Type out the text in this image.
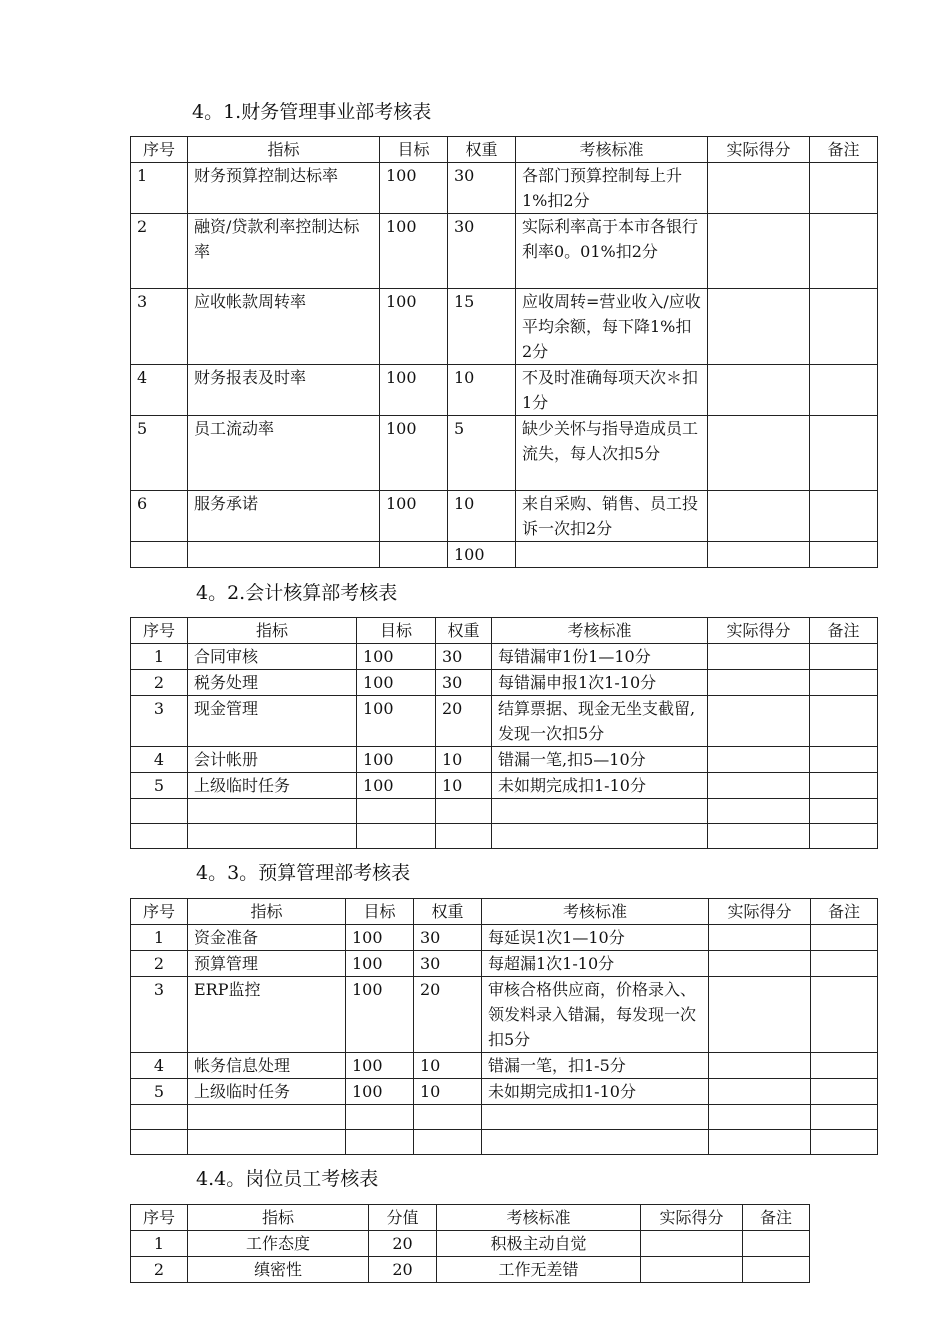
4。1.财务管理事业部考核表
序号	指标	目标	权重	考核标准	实际得分	备注
1	财务预算控制达标率	100	30	各部门预算控制每上升1%扣2分		
2	融资/贷款利率控制达标率	100	30	实际利率高于本市各银行利率0。01%扣2分		
3	应收帐款周转率	100	15	应收周转=营业收入/应收平均余额，每下降1%扣2分		
4	财务报表及时率	100	10	不及时准确每项天次＊扣1分		
5	员工流动率	100	5	缺少关怀与指导造成员工流失，每人次扣5分		
6	服务承诺	100	10	来自采购、销售、员工投诉一次扣2分		
			100			
4。2.会计核算部考核表
序号	指标	目标	权重	考核标准	实际得分	备注
1	合同审核	100	30	每错漏审1份1—10分		
2	税务处理	100	30	每错漏申报1次1-10分		
3	现金管理	100	20	结算票据、现金无坐支截留,发现一次扣5分		
4	会计帐册	100	10	错漏一笔,扣5—10分		
5	上级临时任务	100	10	未如期完成扣1-10分		

4。3。预算管理部考核表
序号	指标	目标	权重	考核标准	实际得分	备注
1	资金准备	100	30	每延误1次1—10分		
2	预算管理	100	30	每超漏1次1-10分		
3	ERP监控	100	20	审核合格供应商，价格录入、领发料录入错漏，每发现一次扣5分		
4	帐务信息处理	100	10	错漏一笔，扣1-5分		
5	上级临时任务	100	10	未如期完成扣1-10分		

4.4。岗位员工考核表
序号	指标	分值	考核标准	实际得分	备注
1	工作态度	20	积极主动自觉		
2	缜密性	20	工作无差错		
